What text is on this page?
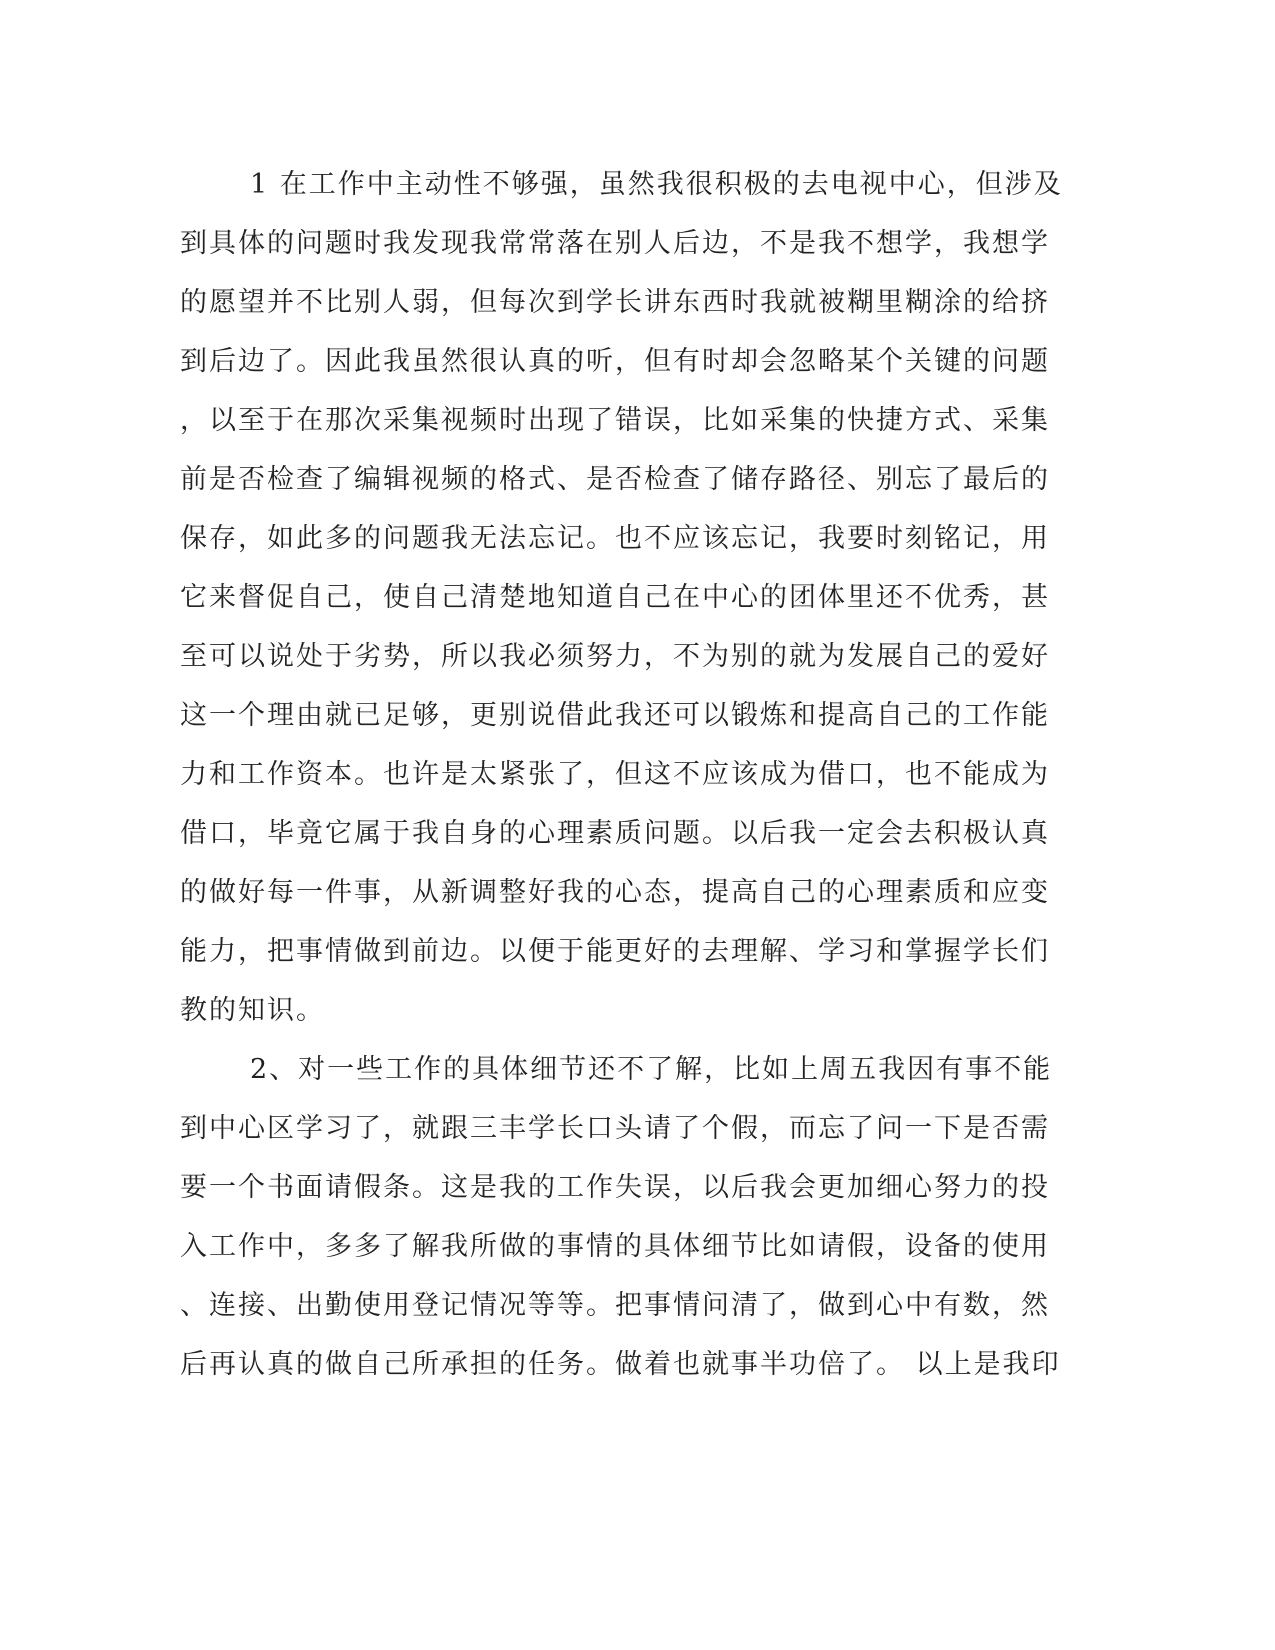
1 在工作中主动性不够强，虽然我很积极的去电视中心，但涉及
到具体的问题时我发现我常常落在别人后边，不是我不想学，我想学
的愿望并不比别人弱，但每次到学长讲东西时我就被糊里糊涂的给挤
到后边了。因此我虽然很认真的听，但有时却会忽略某个关键的问题
，以至于在那次采集视频时出现了错误，比如采集的快捷方式、采集
前是否检查了编辑视频的格式、是否检查了储存路径、别忘了最后的
保存，如此多的问题我无法忘记。也不应该忘记，我要时刻铭记，用
它来督促自己，使自己清楚地知道自己在中心的团体里还不优秀，甚
至可以说处于劣势，所以我必须努力，不为别的就为发展自己的爱好
这一个理由就已足够，更别说借此我还可以锻炼和提高自己的工作能
力和工作资本。也许是太紧张了，但这不应该成为借口，也不能成为
借口，毕竟它属于我自身的心理素质问题。以后我一定会去积极认真
的做好每一件事，从新调整好我的心态，提高自己的心理素质和应变
能力，把事情做到前边。以便于能更好的去理解、学习和掌握学长们
教的知识。
2、对一些工作的具体细节还不了解，比如上周五我因有事不能
到中心区学习了，就跟三丰学长口头请了个假，而忘了问一下是否需
要一个书面请假条。这是我的工作失误，以后我会更加细心努力的投
入工作中，多多了解我所做的事情的具体细节比如请假，设备的使用
、连接、出勤使用登记情况等等。把事情问清了，做到心中有数，然
后再认真的做自己所承担的任务。做着也就事半功倍了。 以上是我印
